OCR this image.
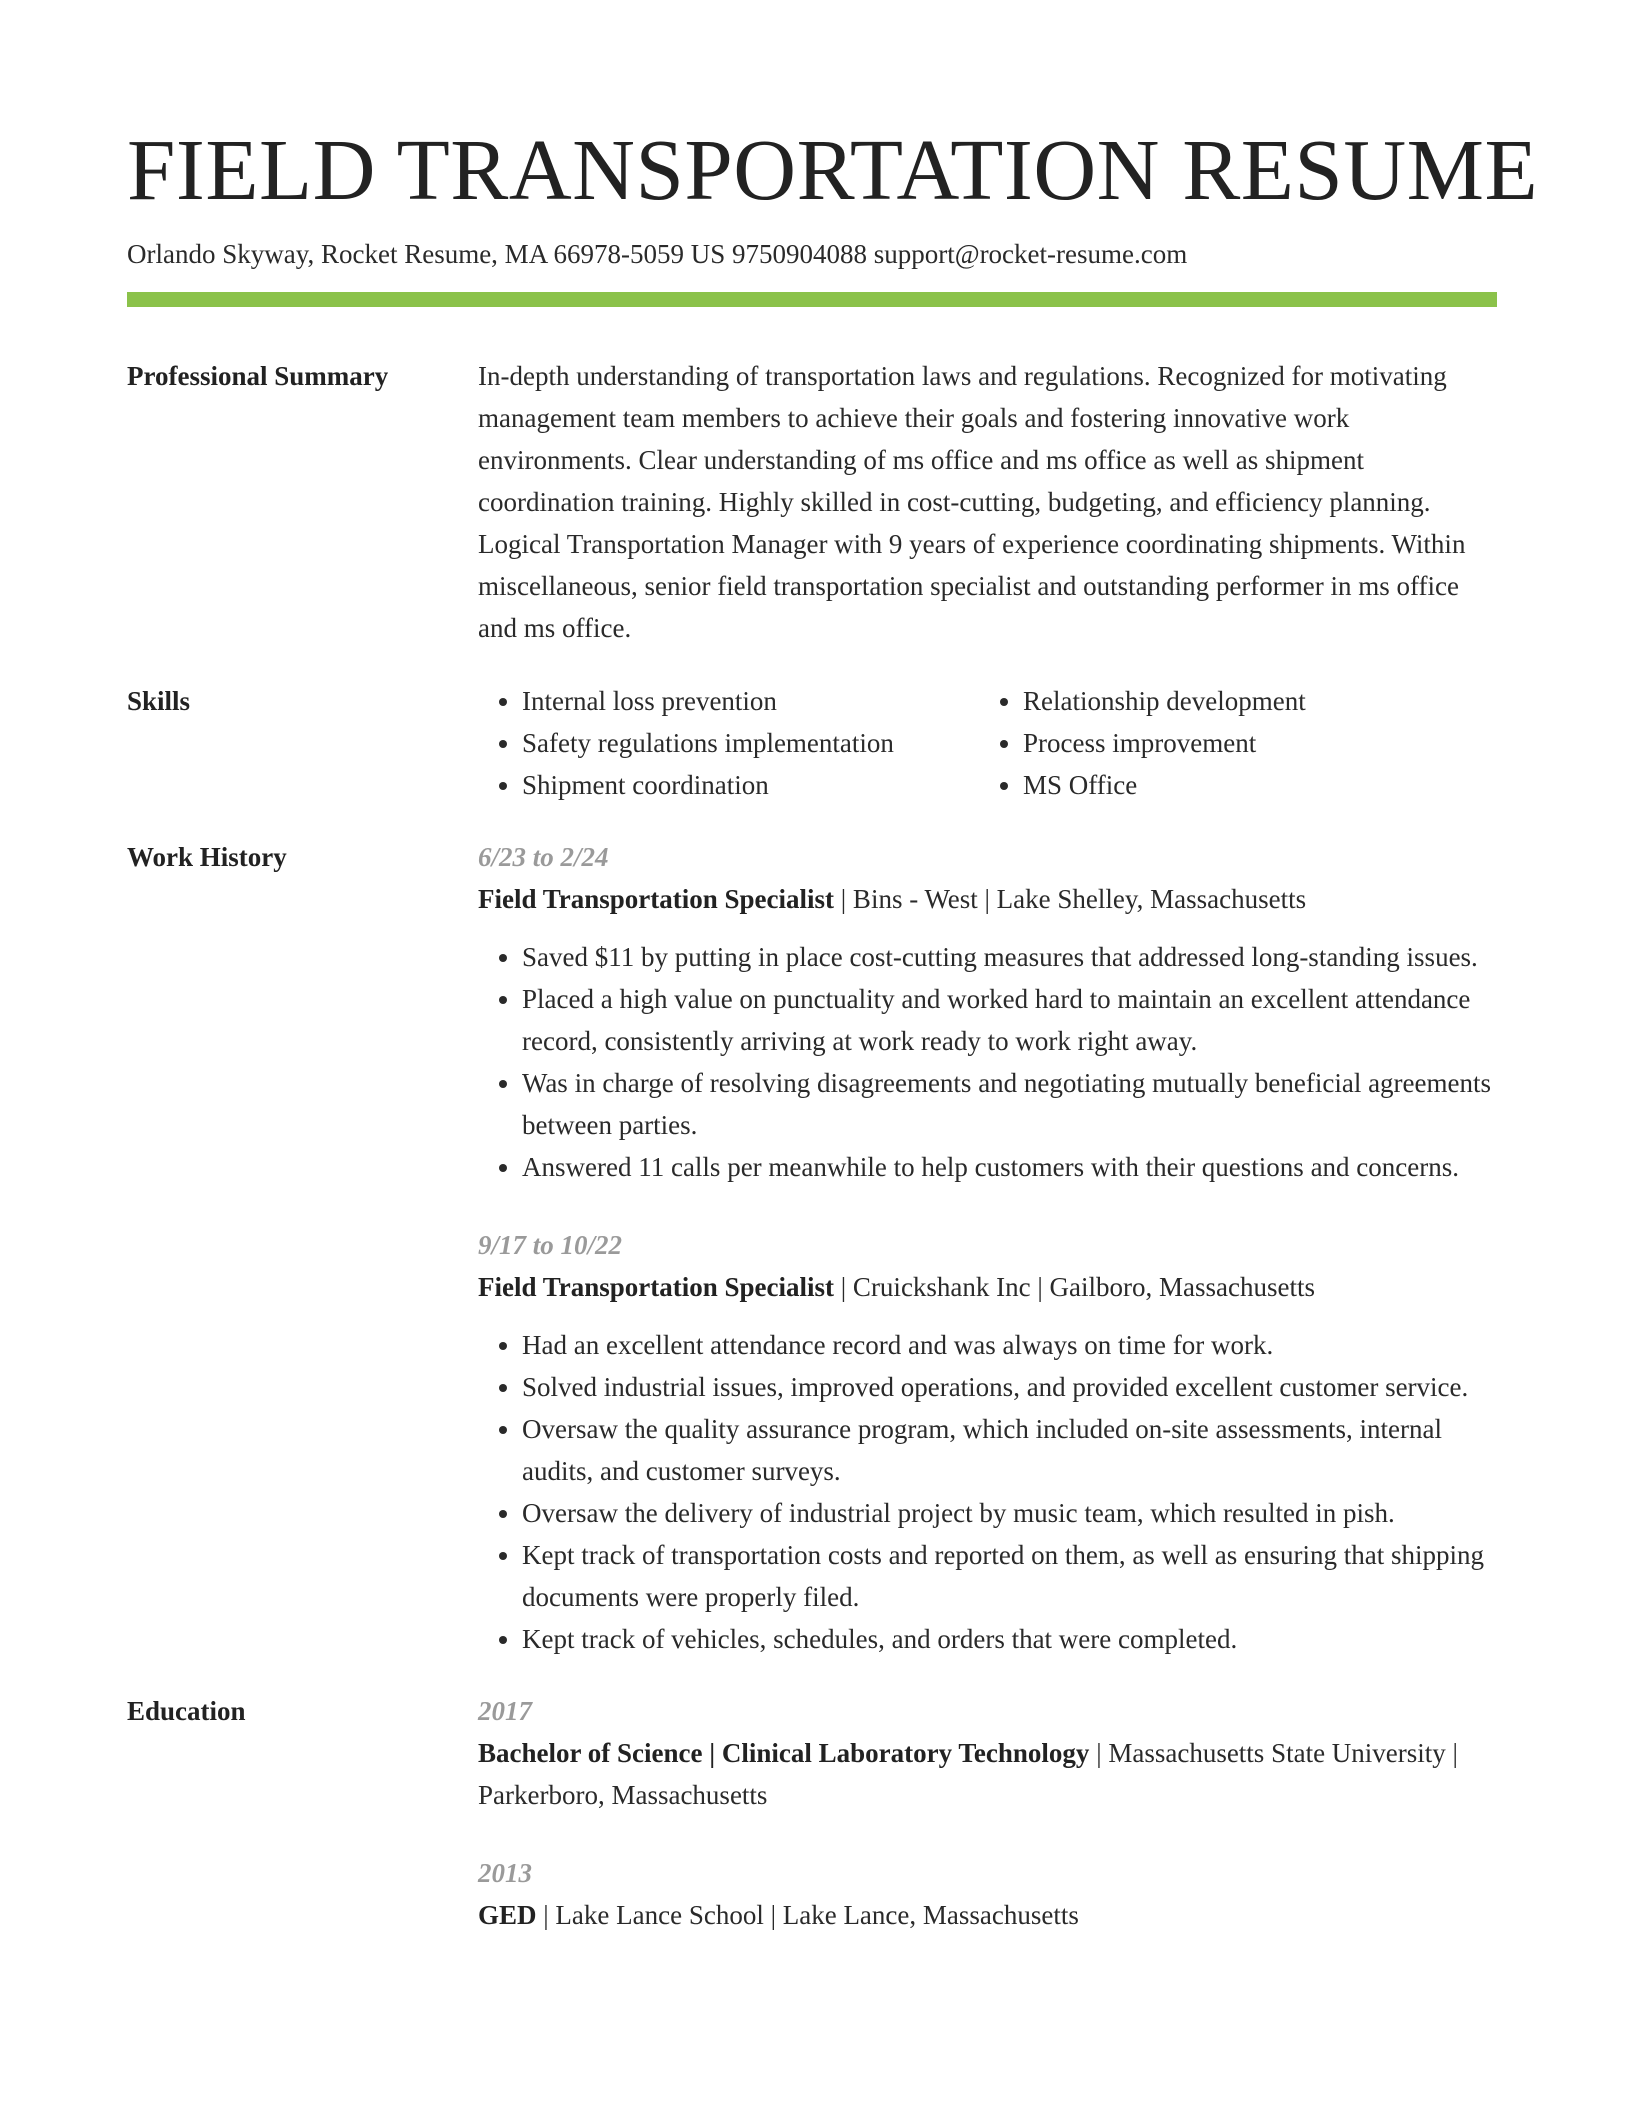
FIELD TRANSPORTATION RESUME
Orlando Skyway, Rocket Resume, MA 66978-5059 US 9750904088 support@rocket-resume.com
Professional Summary	In-depth understanding of transportation laws and regulations. Recognized for motivating management team members to achieve their goals and fostering innovative work environments. Clear understanding of ms office and ms office as well as shipment coordination training. Highly skilled in cost-cutting, budgeting, and efficiency planning. Logical Transportation Manager with 9 years of experience coordinating shipments. Within miscellaneous, senior field transportation specialist and outstanding performer in ms office and ms office.

Skills
•	Internal loss prevention
• Safety regulations implementation
• Shipment coordination
• Relationship development
• Process improvement
• MS Office
Work History	6/23 to 2/24
Field Transportation Specialist | Bins - West | Lake Shelley, Massachusetts
• Saved $11 by putting in place cost-cutting measures that addressed long-standing issues.
• Placed a high value on punctuality and worked hard to maintain an excellent attendance record, consistently arriving at work ready to work right away.
• Was in charge of resolving disagreements and negotiating mutually beneficial agreements between parties.
• Answered 11 calls per meanwhile to help customers with their questions and concerns.
9/17 to 10/22
Field Transportation Specialist | Cruickshank Inc | Gailboro, Massachusetts
• Had an excellent attendance record and was always on time for work.
• Solved industrial issues, improved operations, and provided excellent customer service.
• Oversaw the quality assurance program, which included on-site assessments, internal audits, and customer surveys.
• Oversaw the delivery of industrial project by music team, which resulted in pish.
• Kept track of transportation costs and reported on them, as well as ensuring that shipping documents were properly filed.
• Kept track of vehicles, schedules, and orders that were completed.
Education	2017
Bachelor of Science | Clinical Laboratory Technology | Massachusetts State University | Parkerboro, Massachusetts
2013
GED | Lake Lance School | Lake Lance, Massachusetts
